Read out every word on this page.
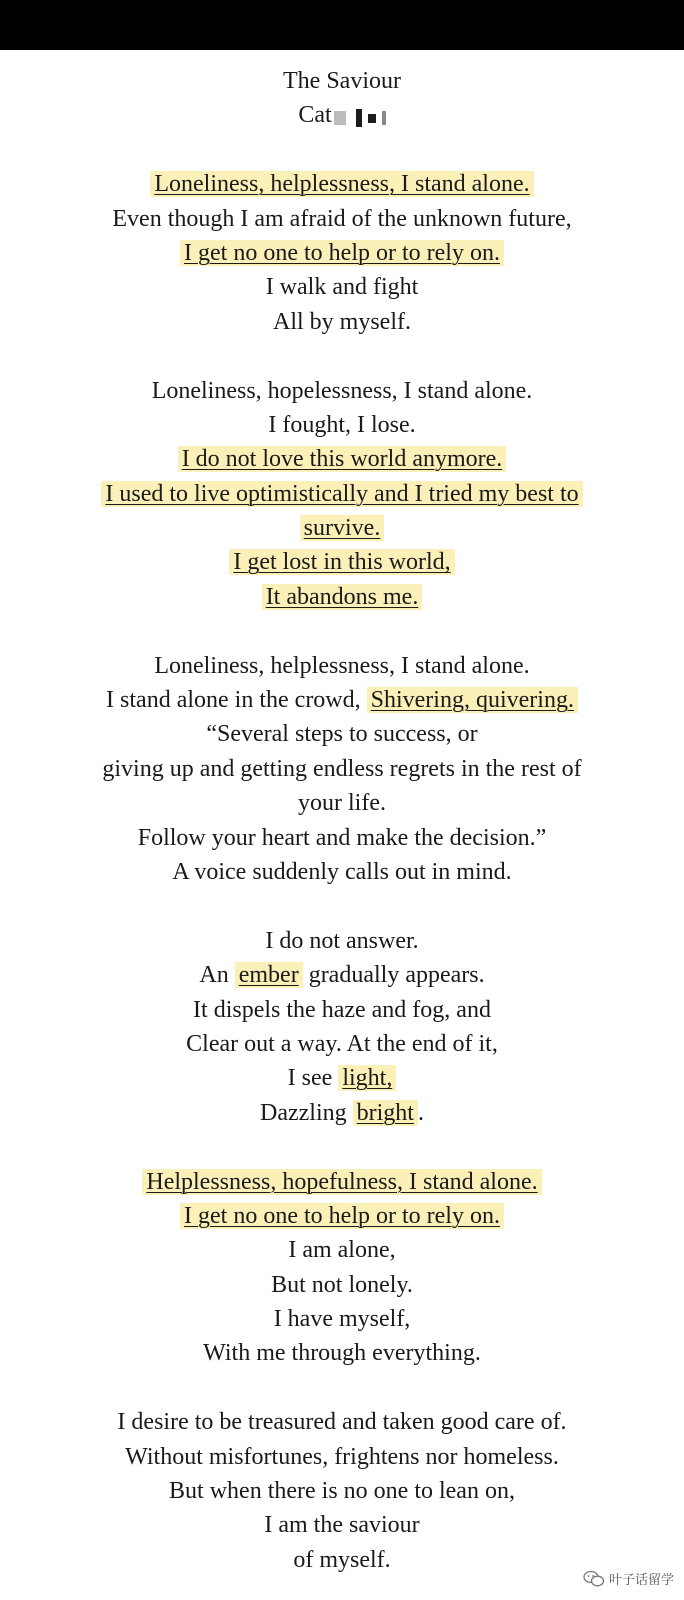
The Saviour
Cat
Loneliness, helplessness, I stand alone.
Even though I am afraid of the unknown future,
I get no one to help or to rely on.
I walk and fight
All by myself.
Loneliness, hopelessness, I stand alone.
I fought, I lose.
I do not love this world anymore.
I used to live optimistically and I tried my best to
survive.
I get lost in this world,
It abandons me.
Loneliness, helplessness, I stand alone.
I stand alone in the crowd, Shivering, quivering.
“Several steps to success, or
giving up and getting endless regrets in the rest of
your life.
Follow your heart and make the decision.”
A voice suddenly calls out in mind.
I do not answer.
An ember gradually appears.
It dispels the haze and fog, and
Clear out a way. At the end of it,
I see light,
Dazzling bright .
Helplessness, hopefulness, I stand alone.
I get no one to help or to rely on.
I am alone,
But not lonely.
I have myself,
With me through everything.
I desire to be treasured and taken good care of.
Without misfortunes, frightens nor homeless.
But when there is no one to lean on,
I am the saviour
of myself.
叶子话留学
